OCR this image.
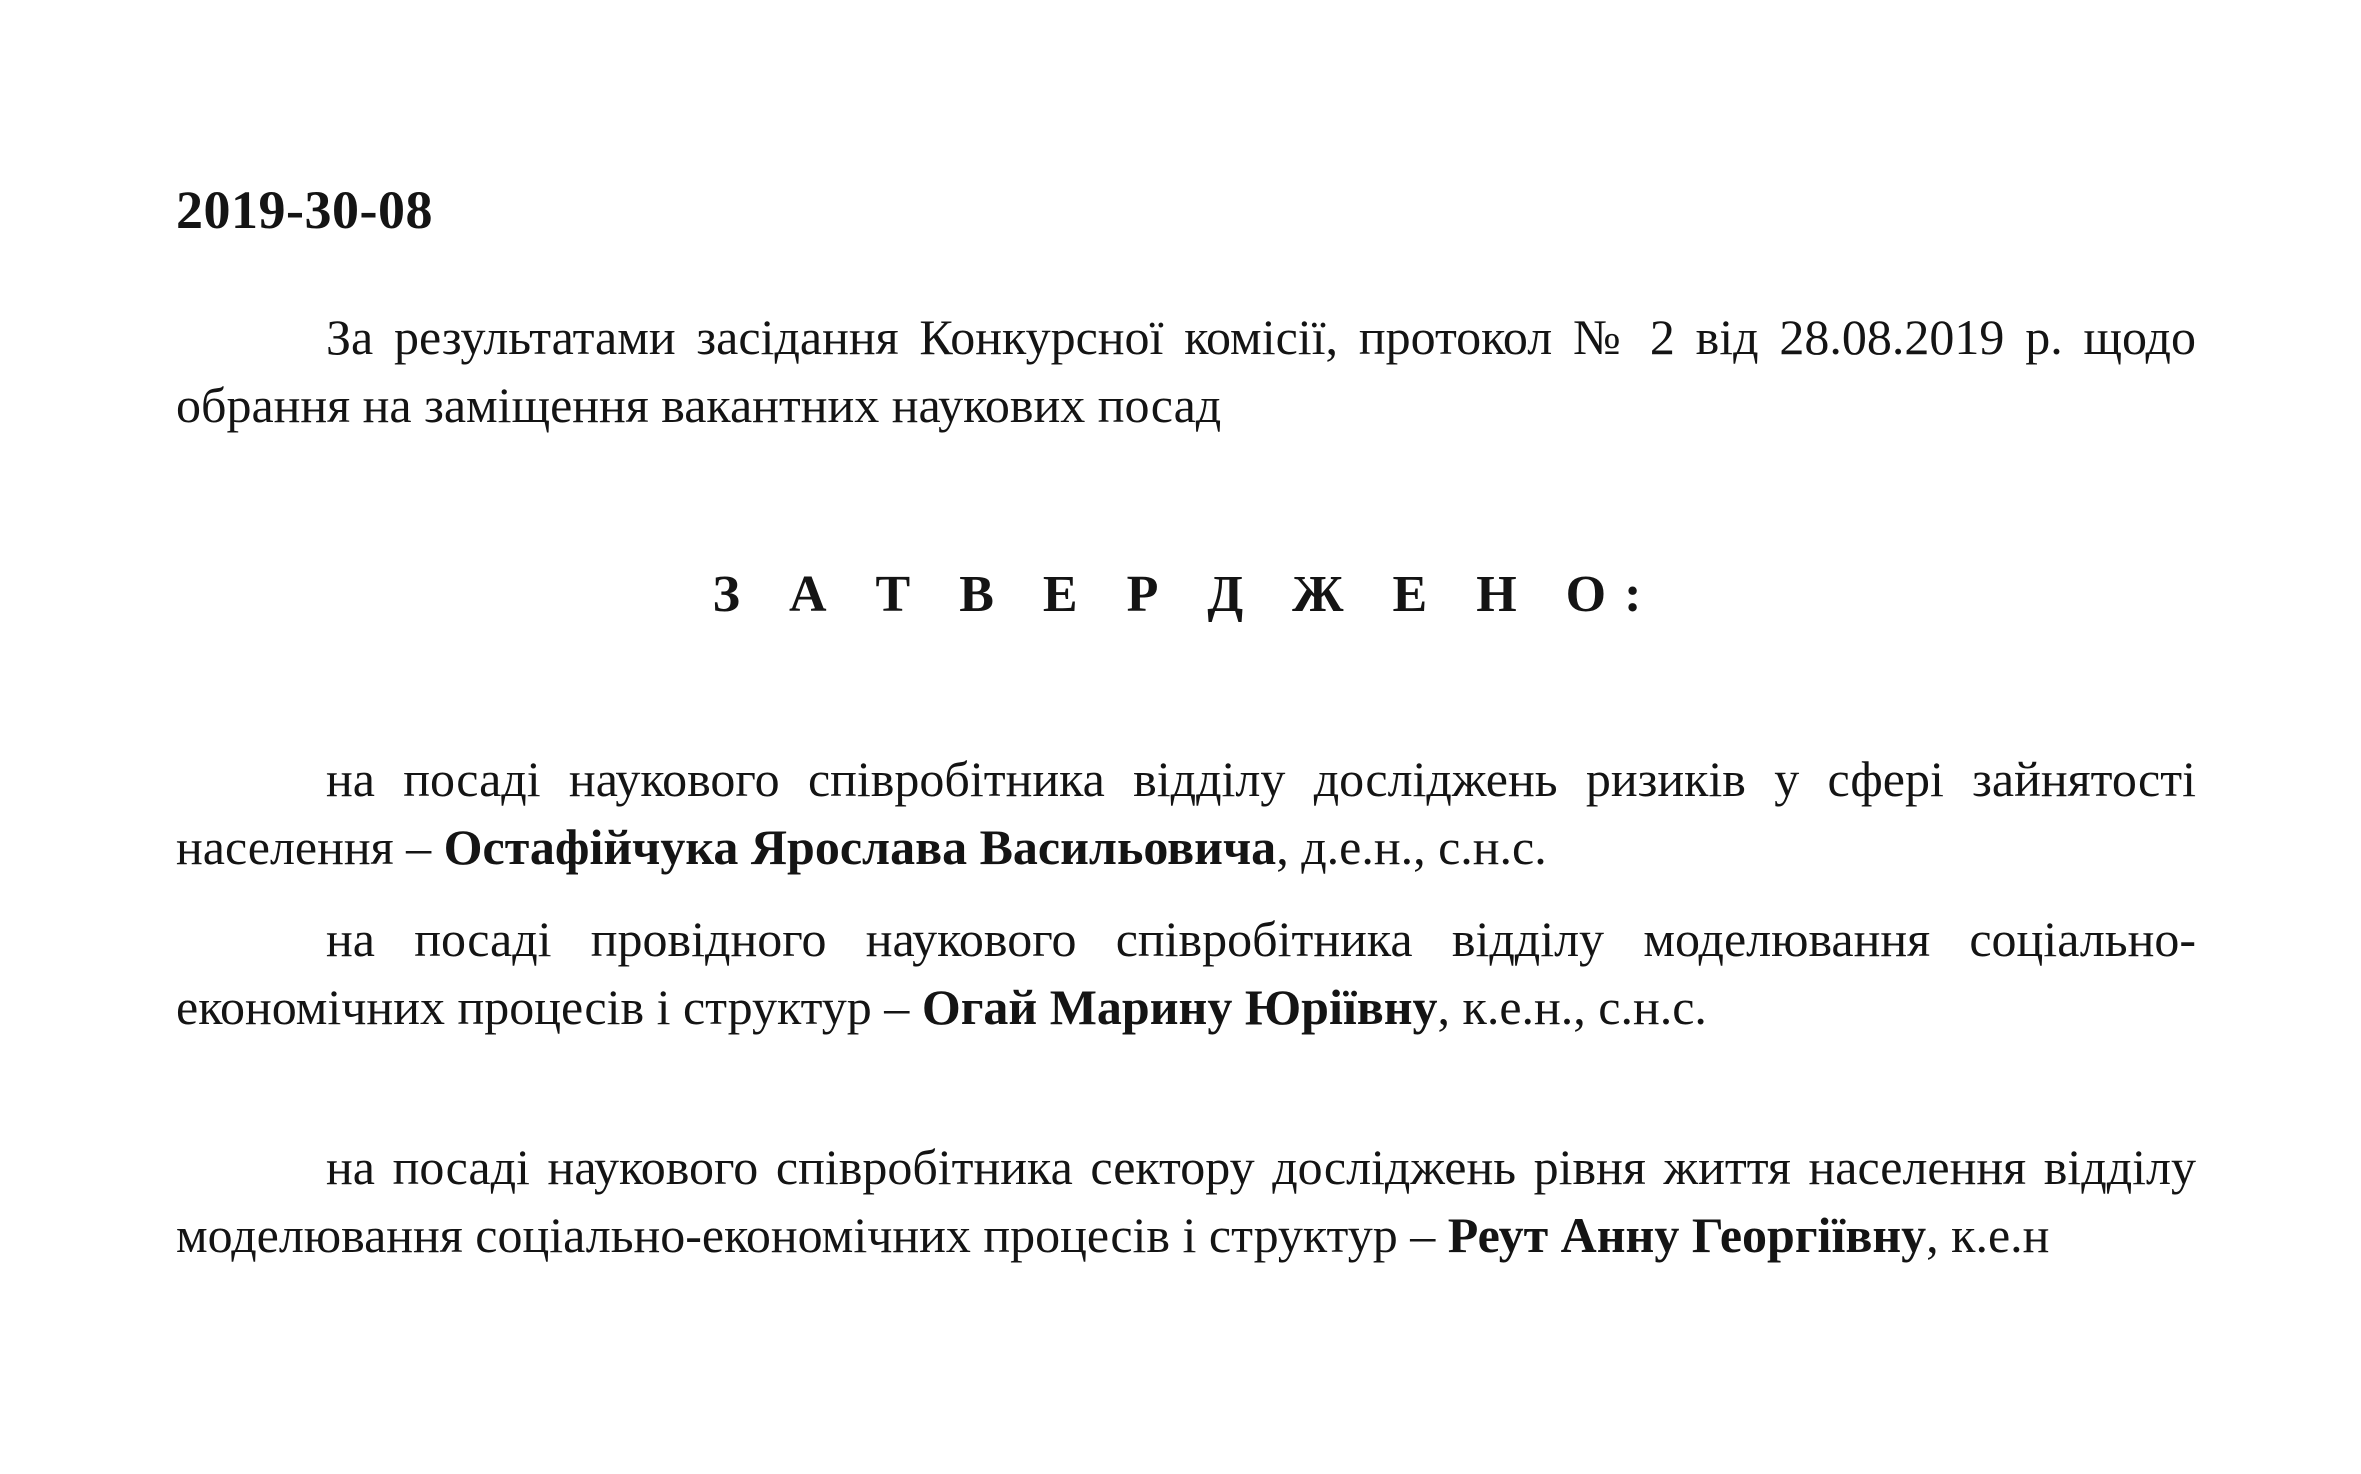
2019-30-08
За результатами засідання Конкурсної комісії, протокол № 2 від 28.08.2019 р. щодо обрання на заміщення вакантних наукових посад
З А Т В Е Р Д Ж Е Н О:
на посаді наукового співробітника відділу досліджень ризиків у сфері зайнятості населення – Остафійчука Ярослава Васильовича, д.е.н., с.н.с.
на посаді провідного наукового співробітника відділу моделювання соціально-економічних процесів і структур – Огай Марину Юріївну, к.е.н., с.н.с.
на посаді наукового співробітника сектору досліджень рівня життя населення відділу моделювання соціально-економічних процесів і структур – Реут Анну Георгіївну, к.е.н
